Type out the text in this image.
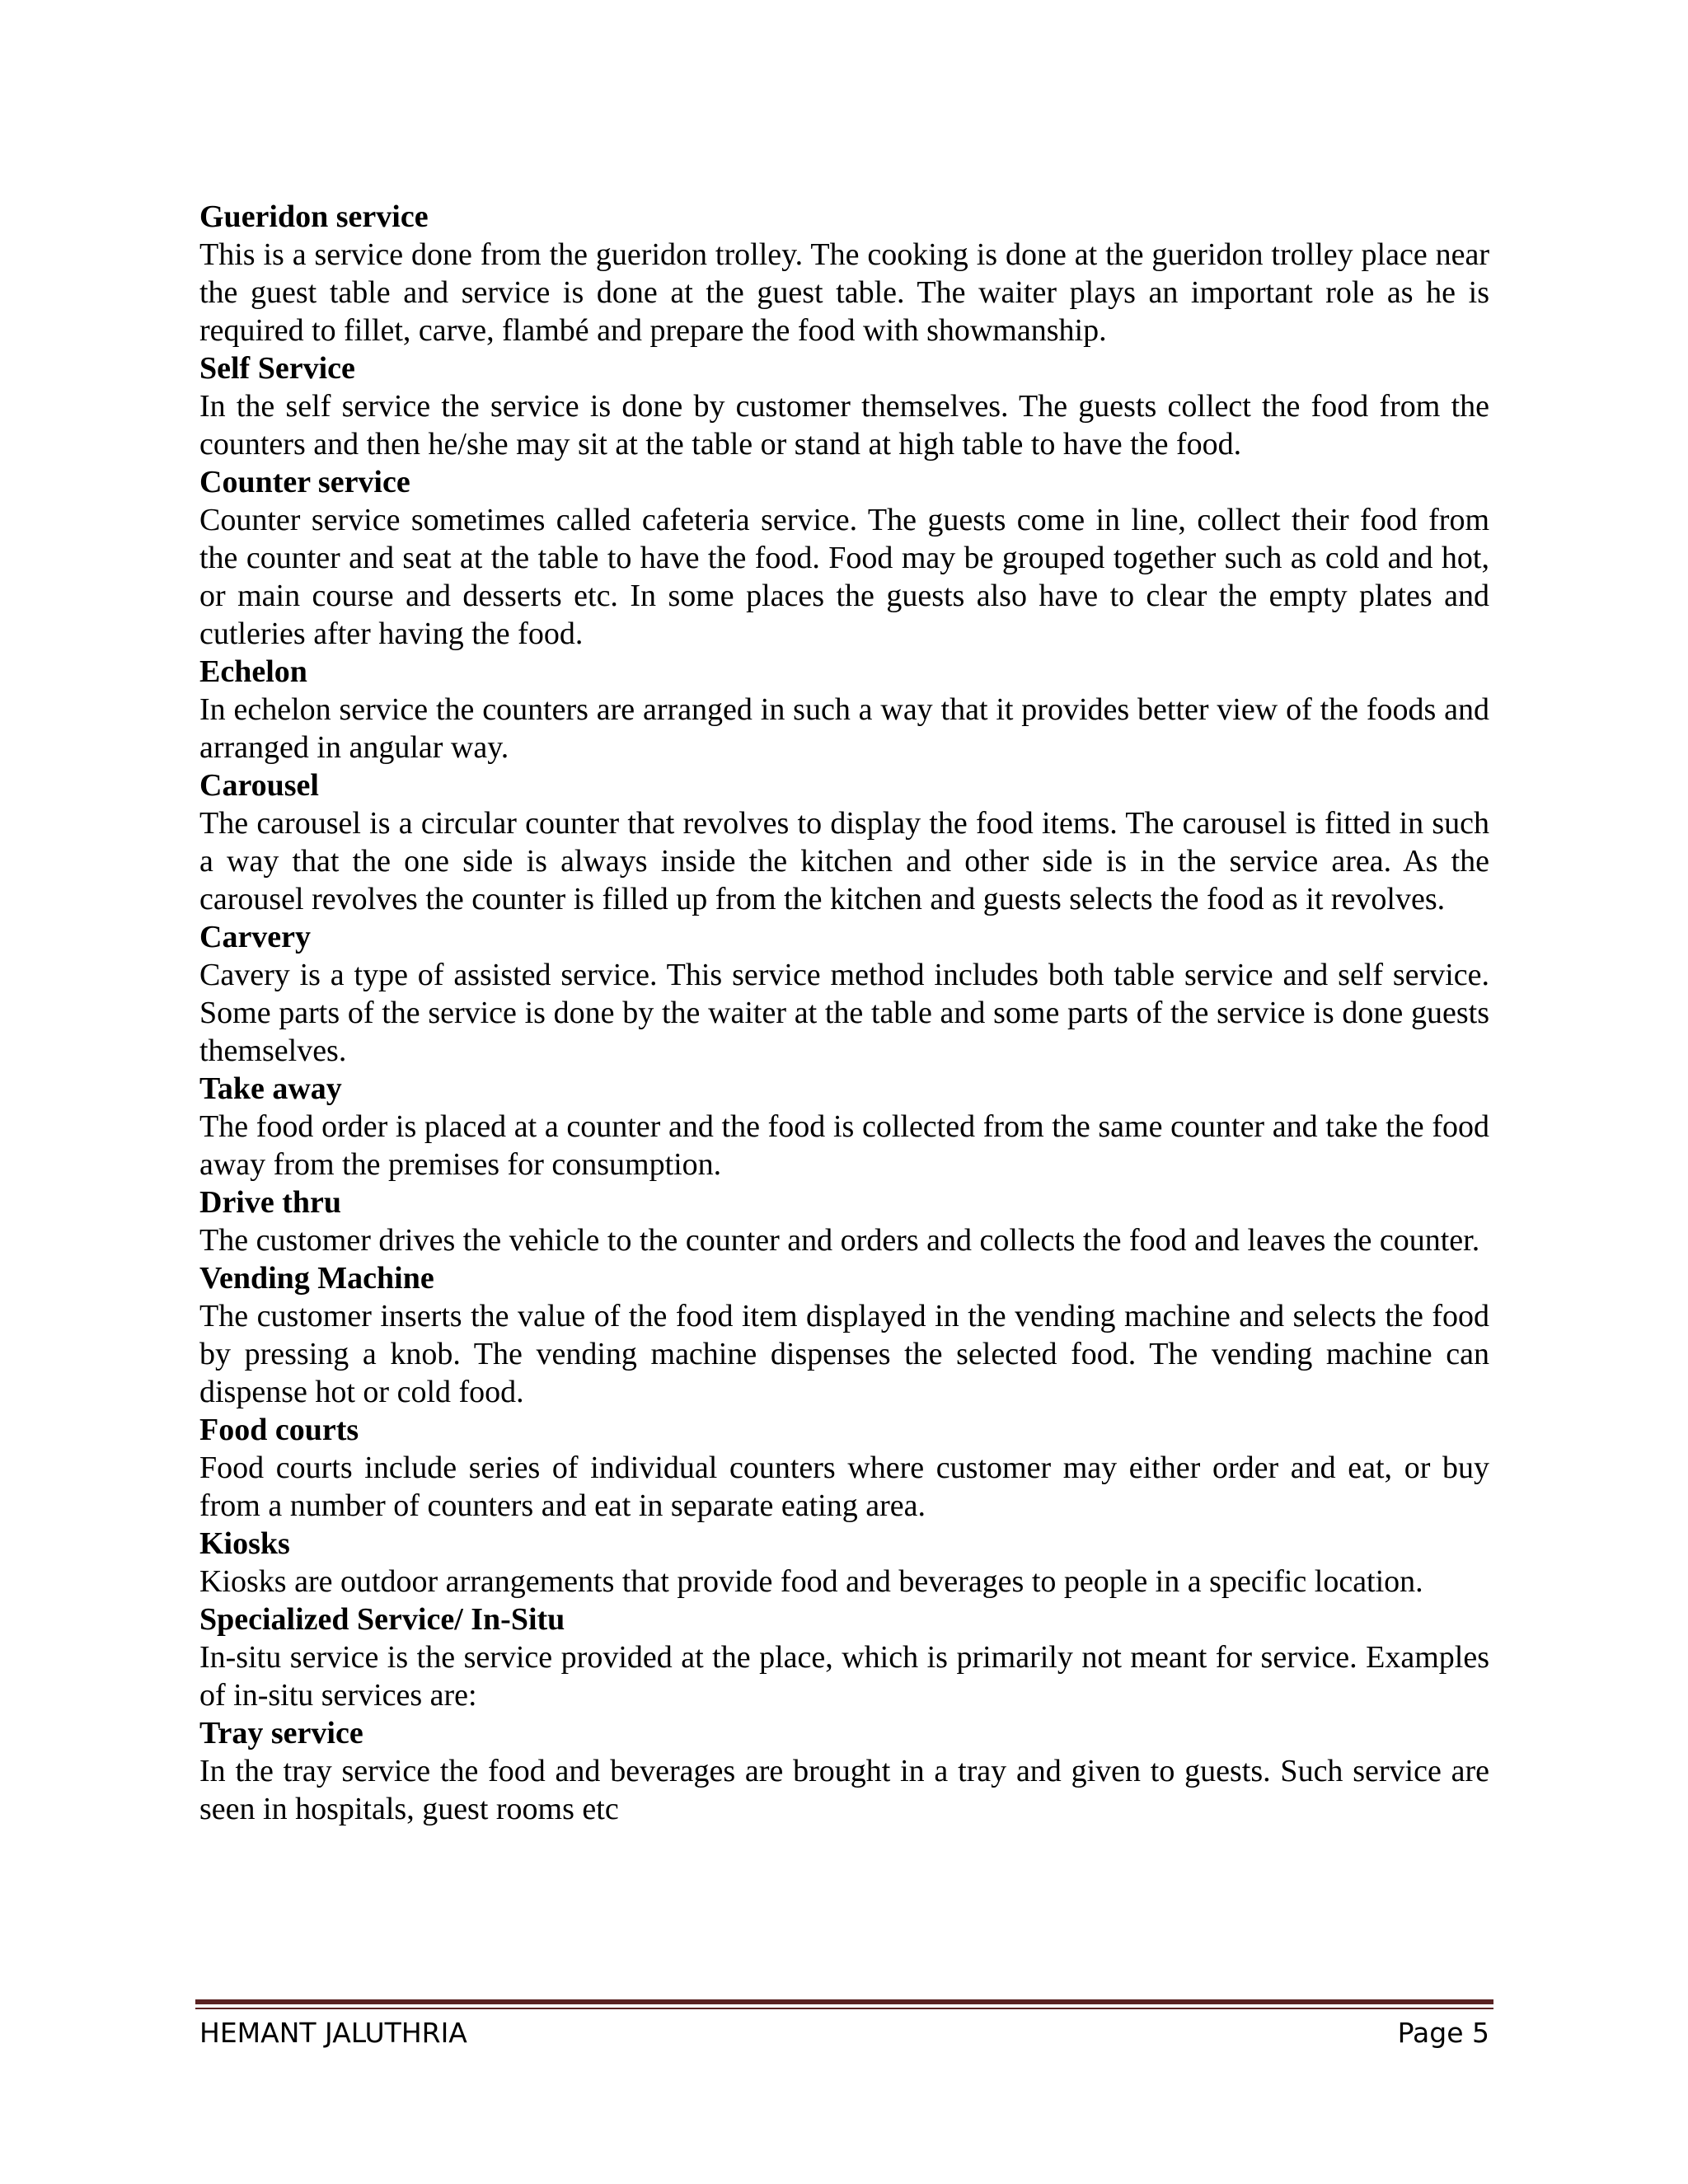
Gueridon service

This is a service done from the gueridon trolley. The cooking is done at the gueridon trolley place near the guest table and service is done at the guest table. The waiter plays an important role as he is required to fillet, carve, flambé and prepare the food with showmanship.

Self Service

In the self service the service is done by customer themselves. The guests collect the food from the counters and then he/she may sit at the table or stand at high table to have the food.

Counter service

Counter service sometimes called cafeteria service. The guests come in line, collect their food from the counter and seat at the table to have the food. Food may be grouped together such as cold and hot, or main course and desserts etc. In some places the guests also have to clear the empty plates and cutleries after having the food.

Echelon

In echelon service the counters are arranged in such a way that it provides better view of the foods and arranged in angular way.

Carousel

The carousel is a circular counter that revolves to display the food items. The carousel is fitted in such a way that the one side is always inside the kitchen and other side is in the service area. As the carousel revolves the counter is filled up from the kitchen and guests selects the food as it revolves.

Carvery

Cavery is a type of assisted service. This service method includes both table service and self service. Some parts of the service is done by the waiter at the table and some parts of the service is done guests themselves.

Take away

The food order is placed at a counter and the food is collected from the same counter and take the food away from the premises for consumption.

Drive thru

The customer drives the vehicle to the counter and orders and collects the food and leaves the counter.

Vending Machine

The customer inserts the value of the food item displayed in the vending machine and selects the food by pressing a knob. The vending machine dispenses the selected food. The vending machine can dispense hot or cold food.

Food courts

Food courts include series of individual counters where customer may either order and eat, or buy from a number of counters and eat in separate eating area.

Kiosks

Kiosks are outdoor arrangements that provide food and beverages to people in a specific location.

Specialized Service/ In-Situ

In-situ service is the service provided at the place, which is primarily not meant for service. Examples of in-situ services are:

Tray service

In the tray service the food and beverages are brought in a tray and given to guests. Such service are seen in hospitals, guest rooms etc

HEMANT JALUTHRIA	Page 5
